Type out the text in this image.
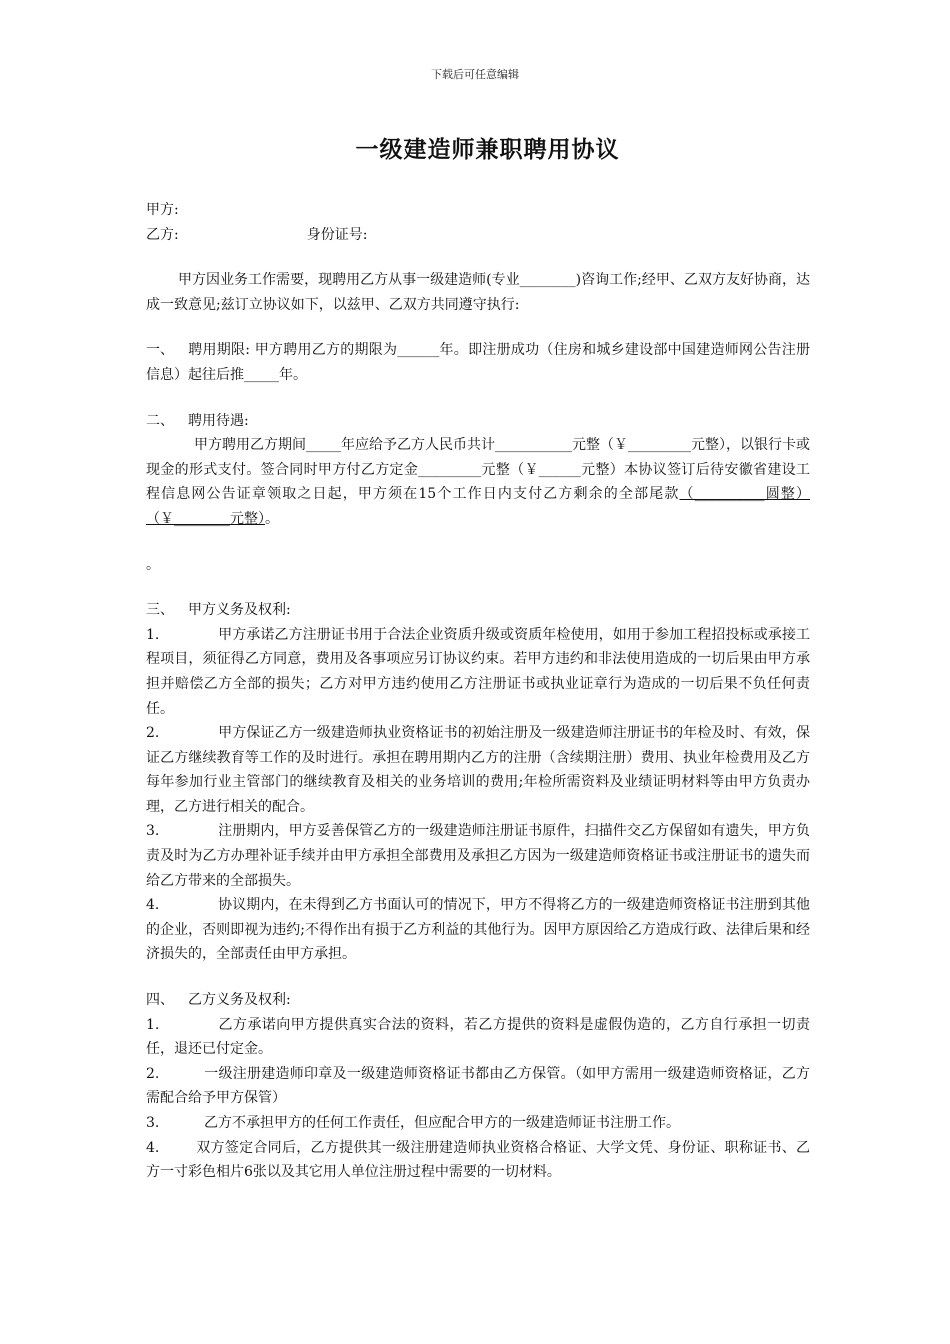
下载后可任意编辑
一级建造师兼职聘用协议

甲方:

乙方:	身份证号:

甲方因业务工作需要，现聘用乙方从事一级建造师(专业________)咨询工作;经甲、乙双方友好协商，达成一致意见;兹订立协议如下，以兹甲、乙双方共同遵守执行:

一、 聘用期限: 甲方聘用乙方的期限为______年。即注册成功（住房和城乡建设部中国建造师网公告注册信息）起往后推_____年。

二、 聘用待遇:

甲方聘用乙方期间_____年应给予乙方人民币共计___________元整（￥_________元整），以银行卡或现金的形式支付。签合同时甲方付乙方定金_________元整（￥______元整）本协议签订后待安徽省建设工程信息网公告证章领取之日起，甲方须在15个工作日内支付乙方剩余的全部尾款（__________圆整）（￥________元整）。

。

三、 甲方义务及权利:

1.	甲方承诺乙方注册证书用于合法企业资质升级或资质年检使用，如用于参加工程招投标或承接工程项目，须征得乙方同意，费用及各事项应另订协议约束。若甲方违约和非法使用造成的一切后果由甲方承担并赔偿乙方全部的损失；乙方对甲方违约使用乙方注册证书或执业证章行为造成的一切后果不负任何责任。

2.	甲方保证乙方一级建造师执业资格证书的初始注册及一级建造师注册证书的年检及时、有效，保证乙方继续教育等工作的及时进行。承担在聘用期内乙方的注册（含续期注册）费用、执业年检费用及乙方每年参加行业主管部门的继续教育及相关的业务培训的费用;年检所需资料及业绩证明材料等由甲方负责办理，乙方进行相关的配合。

3.	注册期内，甲方妥善保管乙方的一级建造师注册证书原件，扫描件交乙方保留如有遗失，甲方负责及时为乙方办理补证手续并由甲方承担全部费用及承担乙方因为一级建造师资格证书或注册证书的遗失而给乙方带来的全部损失。

4.	协议期内，在未得到乙方书面认可的情况下，甲方不得将乙方的一级建造师资格证书注册到其他的企业，否则即视为违约;不得作出有损于乙方利益的其他行为。因甲方原因给乙方造成行政、法律后果和经济损失的，全部责任由甲方承担。

四、 乙方义务及权利:

1.	乙方承诺向甲方提供真实合法的资料，若乙方提供的资料是虚假伪造的，乙方自行承担一切责任，退还已付定金。

2.	一级注册建造师印章及一级建造师资格证书都由乙方保管。（如甲方需用一级建造师资格证，乙方需配合给予甲方保管）

3.	乙方不承担甲方的任何工作责任，但应配合甲方的一级建造师证书注册工作。

4.	双方签定合同后，乙方提供其一级注册建造师执业资格合格证、大学文凭、身份证、职称证书、乙方一寸彩色相片6张以及其它用人单位注册过程中需要的一切材料。
